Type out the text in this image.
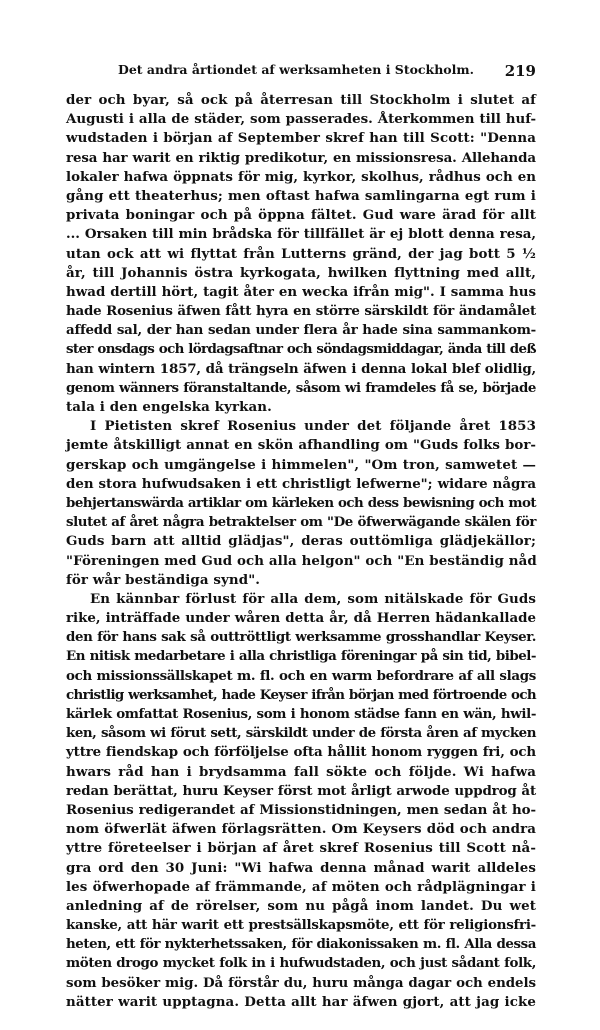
Det andra årtiondet af werksamheten i Stockholm. 219
der och byar, så ock på återresan till Stockholm i slutet af
Augusti i alla de städer, som passerades. Återkommen till huf-
wudstaden i början af September skref han till Scott: "Denna
resa har warit en riktig predikotur, en missionsresa. Allehanda
lokaler hafwa öppnats för mig, kyrkor, skolhus, rådhus och en
gång ett theaterhus; men oftast hafwa samlingarna egt rum i
privata boningar och på öppna fältet. Gud ware ärad för allt
... Orsaken till min brådska för tillfället är ej blott denna resa,
utan ock att wi flyttat från Lutterns gränd, der jag bott 5 ½
år, till Johannis östra kyrkogata, hwilken flyttning med allt,
hwad dertill hört, tagit åter en wecka ifrån mig". I samma hus
hade Rosenius äfwen fått hyra en större särskildt för ändamålet
affedd sal, der han sedan under flera år hade sina sammankom-
ster onsdags och lördagsaftnar och söndagsmiddagar, ända till deß
han wintern 1857, då trängseln äfwen i denna lokal blef olidlig,
genom wänners föranstaltande, såsom wi framdeles få se, började
tala i den engelska kyrkan.
I Pietisten skref Rosenius under det följande året 1853
jemte åtskilligt annat en skön afhandling om "Guds folks bor-
gerskap och umgängelse i himmelen", "Om tron, samwetet —
den stora hufwudsaken i ett christligt lefwerne"; widare några
behjertanswärda artiklar om kärleken och dess bewisning och mot
slutet af året några betraktelser om "De öfwerwägande skälen för
Guds barn att alltid glädjas", deras outtömliga glädjekällor;
"Föreningen med Gud och alla helgon" och "En beständig nåd
för wår beständiga synd".
En kännbar förlust för alla dem, som nitälskade för Guds
rike, inträffade under wåren detta år, då Herren hädankallade
den för hans sak så outtröttligt werksamme grosshandlar Keyser.
En nitisk medarbetare i alla christliga föreningar på sin tid, bibel-
och missionssällskapet m. fl. och en warm befordrare af all slags
christlig werksamhet, hade Keyser ifrån början med förtroende och
kärlek omfattat Rosenius, som i honom städse fann en wän, hwil-
ken, såsom wi förut sett, särskildt under de första åren af mycken
yttre fiendskap och förföljelse ofta hållit honom ryggen fri, och
hwars råd han i brydsamma fall sökte och följde. Wi hafwa
redan berättat, huru Keyser först mot årligt arwode uppdrog åt
Rosenius redigerandet af Missionstidningen, men sedan åt ho-
nom öfwerlät äfwen förlagsrätten. Om Keysers död och andra
yttre företeelser i början af året skref Rosenius till Scott nå-
gra ord den 30 Juni: "Wi hafwa denna månad warit alldeles
les öfwerhopade af främmande, af möten och rådplägningar i
anledning af de rörelser, som nu pågå inom landet. Du wet
kanske, att här warit ett prestsällskapsmöte, ett för religionsfri-
heten, ett för nykterhetssaken, för diakonissaken m. fl. Alla dessa
möten drogo mycket folk in i hufwudstaden, och just sådant folk,
som besöker mig. Då förstår du, huru många dagar och endels
nätter warit upptagna. Detta allt har äfwen gjort, att jag icke
